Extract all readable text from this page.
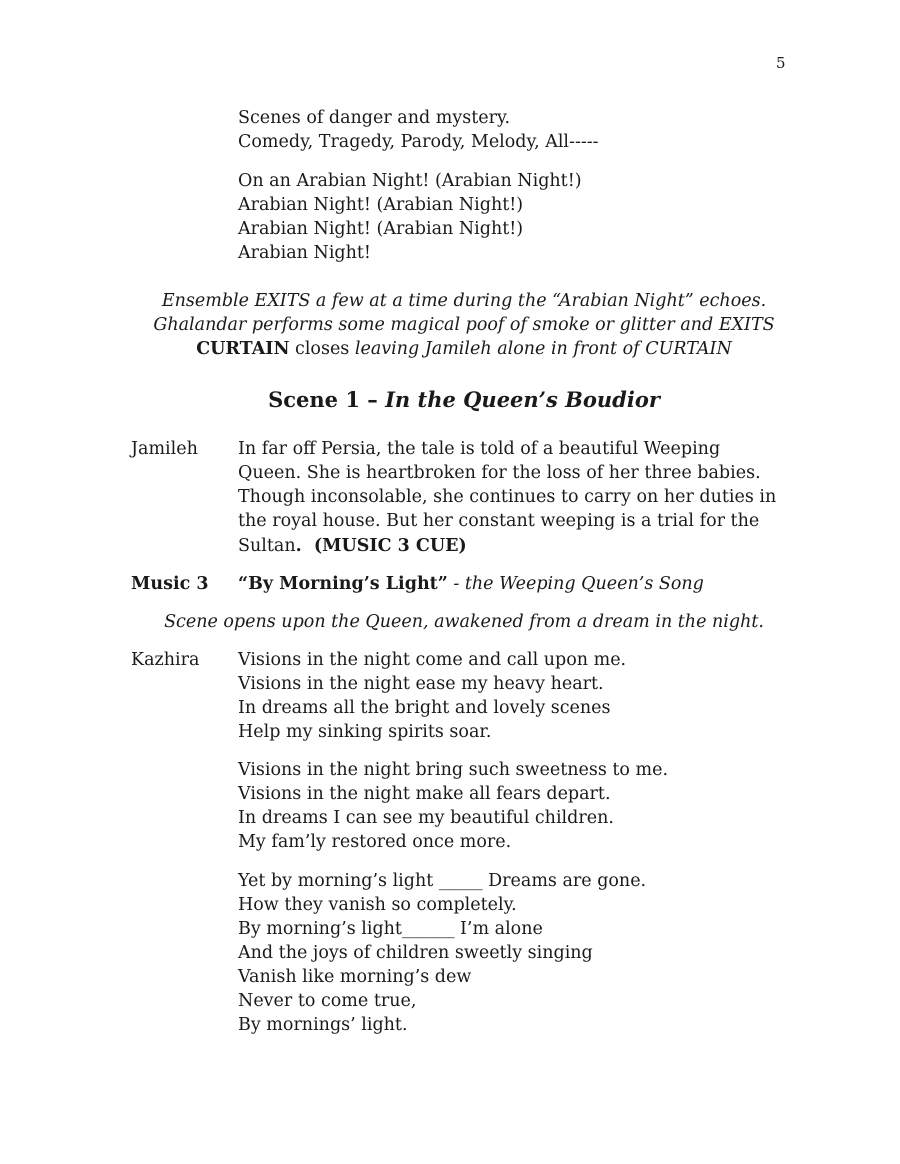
5
Scenes of danger and mystery.
Comedy, Tragedy, Parody, Melody, All-----
On an Arabian Night! (Arabian Night!)
Arabian Night! (Arabian Night!)
Arabian Night! (Arabian Night!)
Arabian Night!
Ensemble EXITS a few at a time during the “Arabian Night” echoes.
Ghalandar performs some magical poof of smoke or glitter and EXITS
CURTAIN closes leaving Jamileh alone in front of CURTAIN
Scene 1 – In the Queen’s Boudior
Jamileh In far off Persia, the tale is told of a beautiful Weeping
Queen. She is heartbroken for the loss of her three babies.
Though inconsolable, she continues to carry on her duties in
the royal house. But her constant weeping is a trial for the
Sultan.  (MUSIC 3 CUE)
Music 3 “By Morning’s Light” - the Weeping Queen’s Song
Scene opens upon the Queen, awakened from a dream in the night.
Kazhira Visions in the night come and call upon me.
Visions in the night ease my heavy heart.
In dreams all the bright and lovely scenes
Help my sinking spirits soar.
Visions in the night bring such sweetness to me.
Visions in the night make all fears depart.
In dreams I can see my beautiful children.
My fam’ly restored once more.
Yet by morning’s light _____ Dreams are gone.
How they vanish so completely.
By morning’s light______ I’m alone
And the joys of children sweetly singing
Vanish like morning’s dew
Never to come true,
By mornings’ light.
